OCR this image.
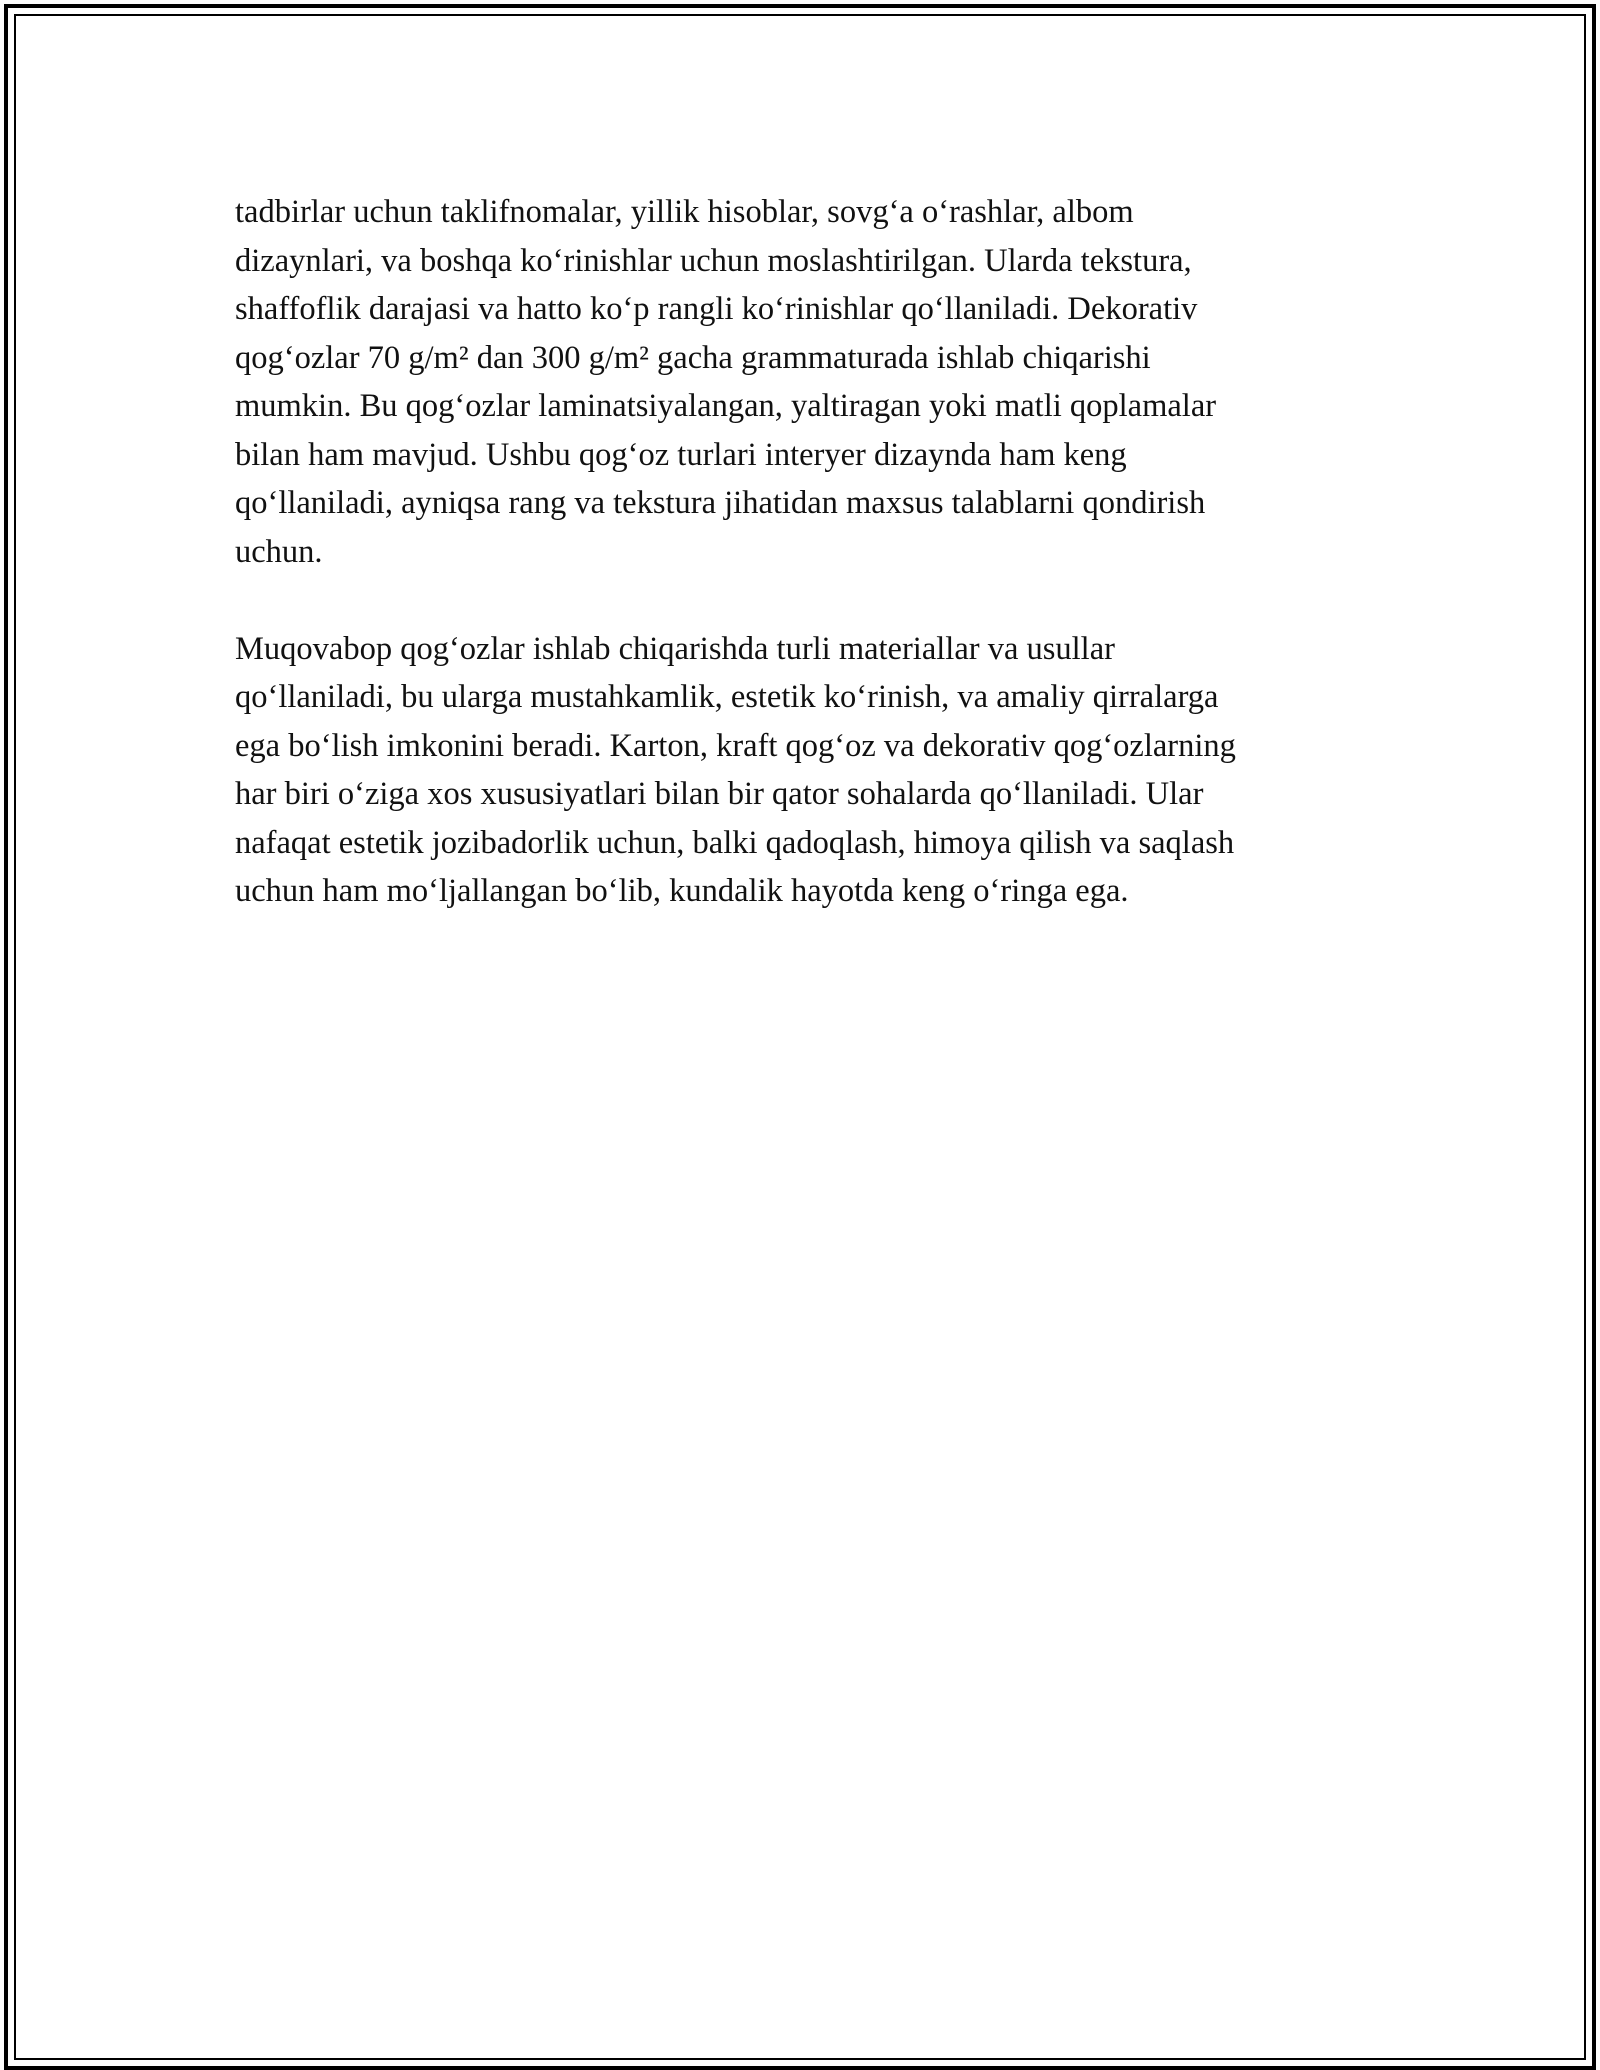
tadbirlar uchun taklifnomalar, yillik hisoblar, sovg‘a o‘rashlar, albom
dizaynlari, va boshqa ko‘rinishlar uchun moslashtirilgan. Ularda tekstura,
shaffoflik darajasi va hatto ko‘p rangli ko‘rinishlar qo‘llaniladi. Dekorativ
qog‘ozlar 70 g/m² dan 300 g/m² gacha grammaturada ishlab chiqarishi
mumkin. Bu qog‘ozlar laminatsiyalangan, yaltiragan yoki matli qoplamalar
bilan ham mavjud. Ushbu qog‘oz turlari interyer dizaynda ham keng
qo‘llaniladi, ayniqsa rang va tekstura jihatidan maxsus talablarni qondirish
uchun.

Muqovabop qog‘ozlar ishlab chiqarishda turli materiallar va usullar
qo‘llaniladi, bu ularga mustahkamlik, estetik ko‘rinish, va amaliy qirralarga
ega bo‘lish imkonini beradi. Karton, kraft qog‘oz va dekorativ qog‘ozlarning
har biri o‘ziga xos xususiyatlari bilan bir qator sohalarda qo‘llaniladi. Ular
nafaqat estetik jozibadorlik uchun, balki qadoqlash, himoya qilish va saqlash
uchun ham mo‘ljallangan bo‘lib, kundalik hayotda keng o‘ringa ega.
